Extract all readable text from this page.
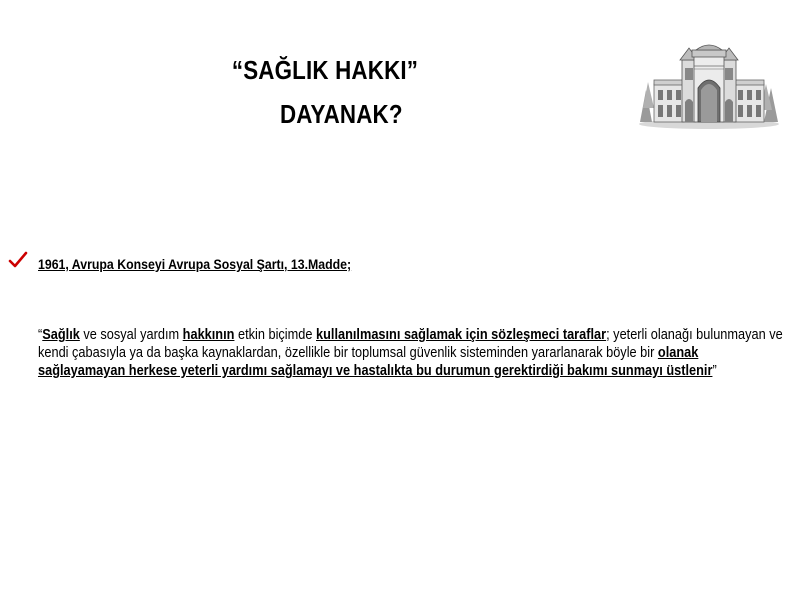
“SAĞLIK HAKKI”
DAYANAK?
1961, Avrupa Konseyi Avrupa Sosyal Şartı, 13.Madde;
“Sağlık ve sosyal yardım hakkının etkin biçimde kullanılmasını sağlamak için sözleşmeci taraflar; yeterli olanağı bulunmayan ve kendi çabasıyla ya da başka kaynaklardan, özellikle bir toplumsal güvenlik sisteminden yararlanarak böyle bir olanak sağlayamayan herkese yeterli yardımı sağlamayı ve hastalıkta bu durumun gerektirdiği bakımı sunmayı üstlenir”
